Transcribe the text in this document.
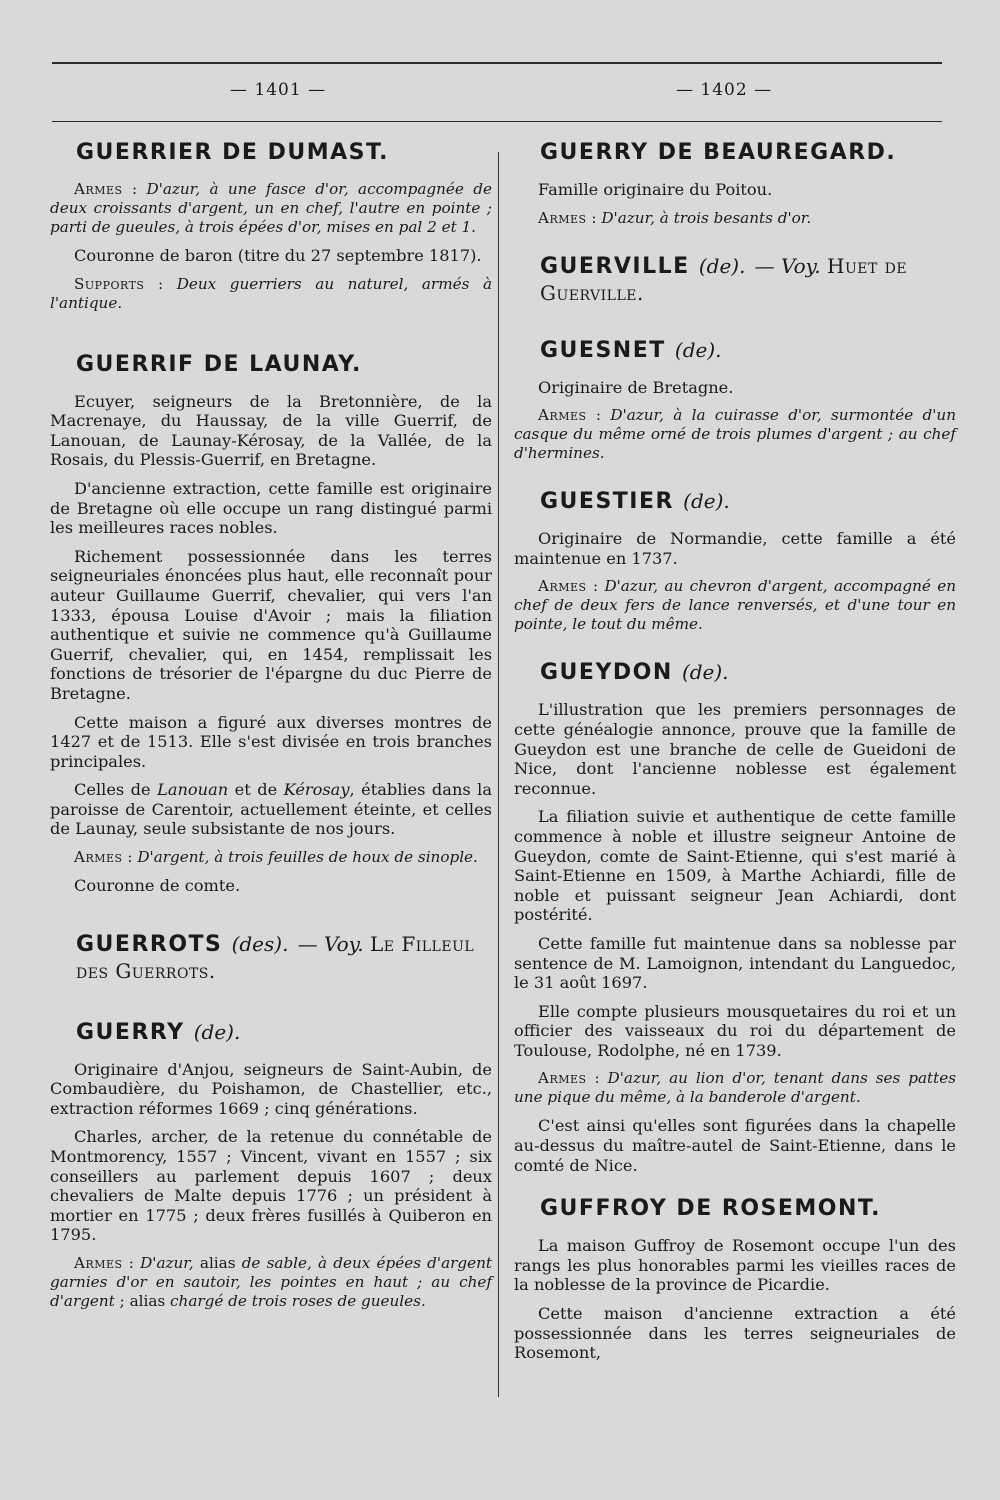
— 1401 —	— 1402 —
GUERRIER DE DUMAST.

Armes : D'azur, à une fasce d'or, accompagnée de deux croissants d'argent, un en chef, l'autre en pointe ; parti de gueules, à trois épées d'or, mises en pal 2 et 1.

Couronne de baron (titre du 27 septembre 1817).

Supports : Deux guerriers au naturel, armés à l'antique.

GUERRIF DE LAUNAY.

Ecuyer, seigneurs de la Bretonnière, de la Macrenaye, du Haussay, de la ville Guerrif, de Lanouan, de Launay-Kérosay, de la Vallée, de la Rosais, du Plessis-Guerrif, en Bretagne.

D'ancienne extraction, cette famille est originaire de Bretagne où elle occupe un rang distingué parmi les meilleures races nobles.

Richement possessionnée dans les terres seigneuriales énoncées plus haut, elle reconnaît pour auteur Guillaume Guerrif, chevalier, qui vers l'an 1333, épousa Louise d'Avoir ; mais la filiation authentique et suivie ne commence qu'à Guillaume Guerrif, chevalier, qui, en 1454, remplissait les fonctions de trésorier de l'épargne du duc Pierre de Bretagne.

Cette maison a figuré aux diverses montres de 1427 et de 1513. Elle s'est divisée en trois branches principales.

Celles de Lanouan et de Kérosay, établies dans la paroisse de Carentoir, actuellement éteinte, et celles de Launay, seule subsistante de nos jours.

Armes : D'argent, à trois feuilles de houx de sinople.

Couronne de comte.

GUERROTS (des). — Voy. Le Filleul des Guerrots.
GUERRY (de).

Originaire d'Anjou, seigneurs de Saint-Aubin, de Combaudière, du Poishamon, de Chastellier, etc., extraction réformes 1669 ; cinq générations.

Charles, archer, de la retenue du connétable de Montmorency, 1557 ; Vincent, vivant en 1557 ; six conseillers au parlement depuis 1607 ; deux chevaliers de Malte depuis 1776 ; un président à mortier en 1775 ; deux frères fusillés à Quiberon en 1795.

Armes : D'azur, alias de sable, à deux épées d'argent garnies d'or en sautoir, les pointes en haut ; au chef d'argent ; alias chargé de trois roses de gueules.

GUERRY DE BEAUREGARD.

Famille originaire du Poitou.

Armes : D'azur, à trois besants d'or.

GUERVILLE (de). — Voy. Huet de Guerville.
GUESNET (de).

Originaire de Bretagne.

Armes : D'azur, à la cuirasse d'or, surmontée d'un casque du même orné de trois plumes d'argent ; au chef d'hermines.

GUESTIER (de).

Originaire de Normandie, cette famille a été maintenue en 1737.

Armes : D'azur, au chevron d'argent, accompagné en chef de deux fers de lance renversés, et d'une tour en pointe, le tout du même.

GUEYDON (de).

L'illustration que les premiers personnages de cette généalogie annonce, prouve que la famille de Gueydon est une branche de celle de Gueidoni de Nice, dont l'ancienne noblesse est également reconnue.

La filiation suivie et authentique de cette famille commence à noble et illustre seigneur Antoine de Gueydon, comte de Saint-Etienne, qui s'est marié à Saint-Etienne en 1509, à Marthe Achiardi, fille de noble et puissant seigneur Jean Achiardi, dont postérité.

Cette famille fut maintenue dans sa noblesse par sentence de M. Lamoignon, intendant du Languedoc, le 31 août 1697.

Elle compte plusieurs mousquetaires du roi et un officier des vaisseaux du roi du département de Toulouse, Rodolphe, né en 1739.

Armes : D'azur, au lion d'or, tenant dans ses pattes une pique du même, à la banderole d'argent.

C'est ainsi qu'elles sont figurées dans la chapelle au-dessus du maître-autel de Saint-Etienne, dans le comté de Nice.

GUFFROY DE ROSEMONT.

La maison Guffroy de Rosemont occupe l'un des rangs les plus honorables parmi les vieilles races de la noblesse de la province de Picardie.

Cette maison d'ancienne extraction a été possessionnée dans les terres seigneuriales de Rosemont,
